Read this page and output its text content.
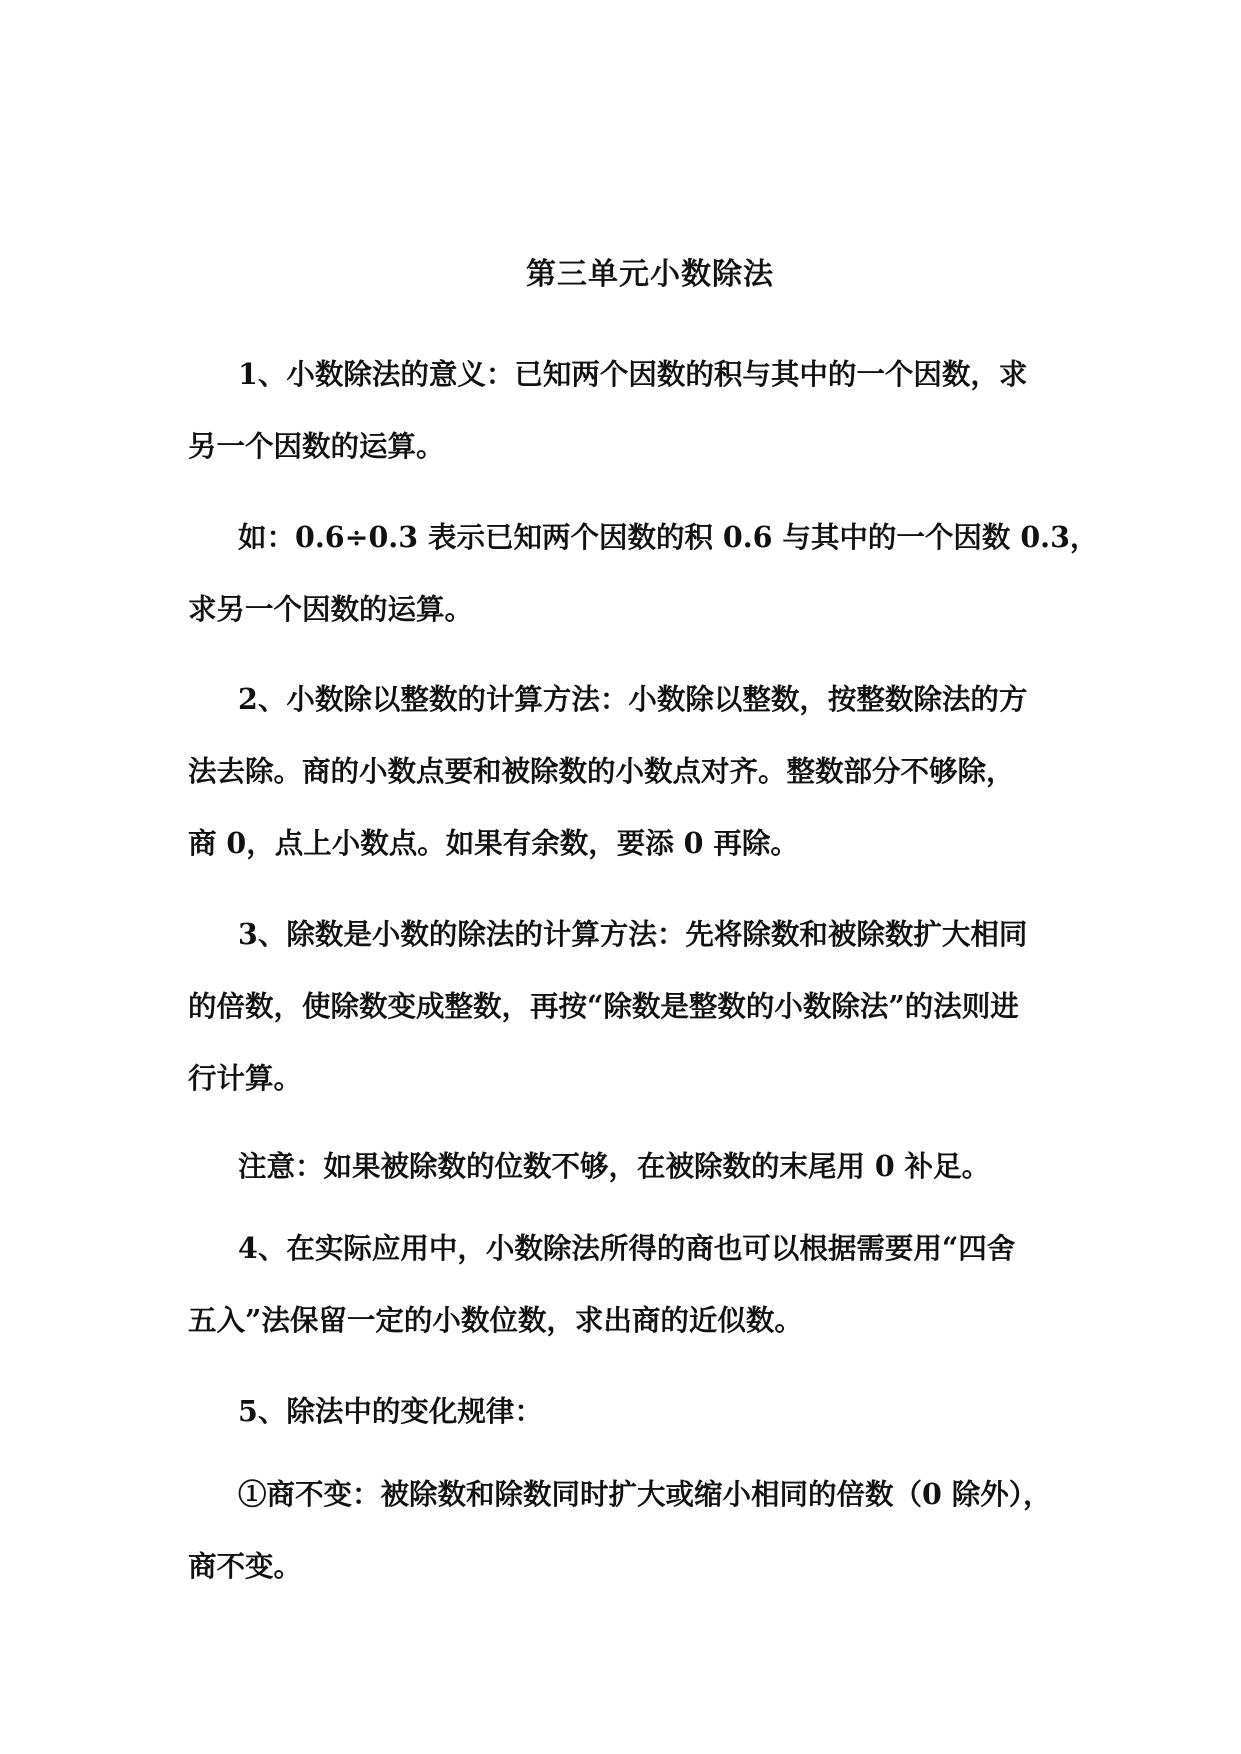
第三单元小数除法

1、小数除法的意义：已知两个因数的积与其中的一个因数，求
另一个因数的运算。

如：0.6÷0.3 表示已知两个因数的积 0.6 与其中的一个因数 0.3，
求另一个因数的运算。

2、小数除以整数的计算方法：小数除以整数，按整数除法的方
法去除。商的小数点要和被除数的小数点对齐。整数部分不够除，
商 0，点上小数点。如果有余数，要添 0 再除。

3、除数是小数的除法的计算方法：先将除数和被除数扩大相同
的倍数，使除数变成整数，再按“除数是整数的小数除法”的法则进
行计算。

注意：如果被除数的位数不够，在被除数的末尾用 0 补足。

4、在实际应用中，小数除法所得的商也可以根据需要用“四舍
五入”法保留一定的小数位数，求出商的近似数。

5、除法中的变化规律：

①商不变：被除数和除数同时扩大或缩小相同的倍数（0 除外），
商不变。
